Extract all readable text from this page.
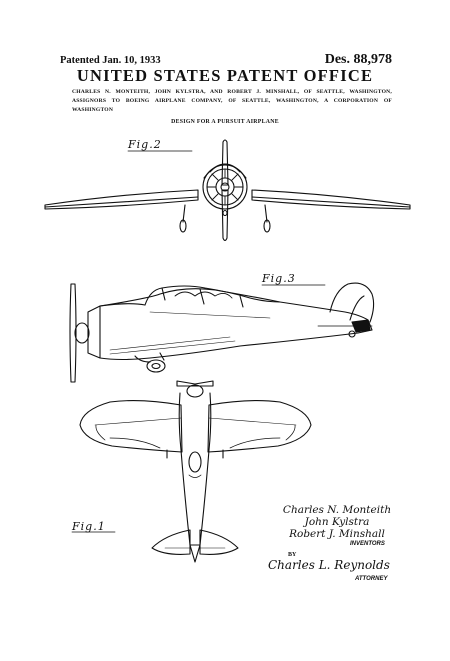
Patented Jan. 10, 1933	Des. 88,978
UNITED STATES PATENT OFFICE
CHARLES N. MONTEITH, JOHN KYLSTRA, AND ROBERT J. MINSHALL, OF SEATTLE, WASHINGTON, ASSIGNORS TO BOEING AIRPLANE COMPANY, OF SEATTLE, WASHINGTON, A CORPORATION OF WASHINGTON
DESIGN FOR A PURSUIT AIRPLANE
Fig.2
Fig.3
Fig.1
Charles N. Monteith
John Kylstra
Robert J. Minshall
INVENTORS
BY
Charles L. Reynolds
ATTORNEY
